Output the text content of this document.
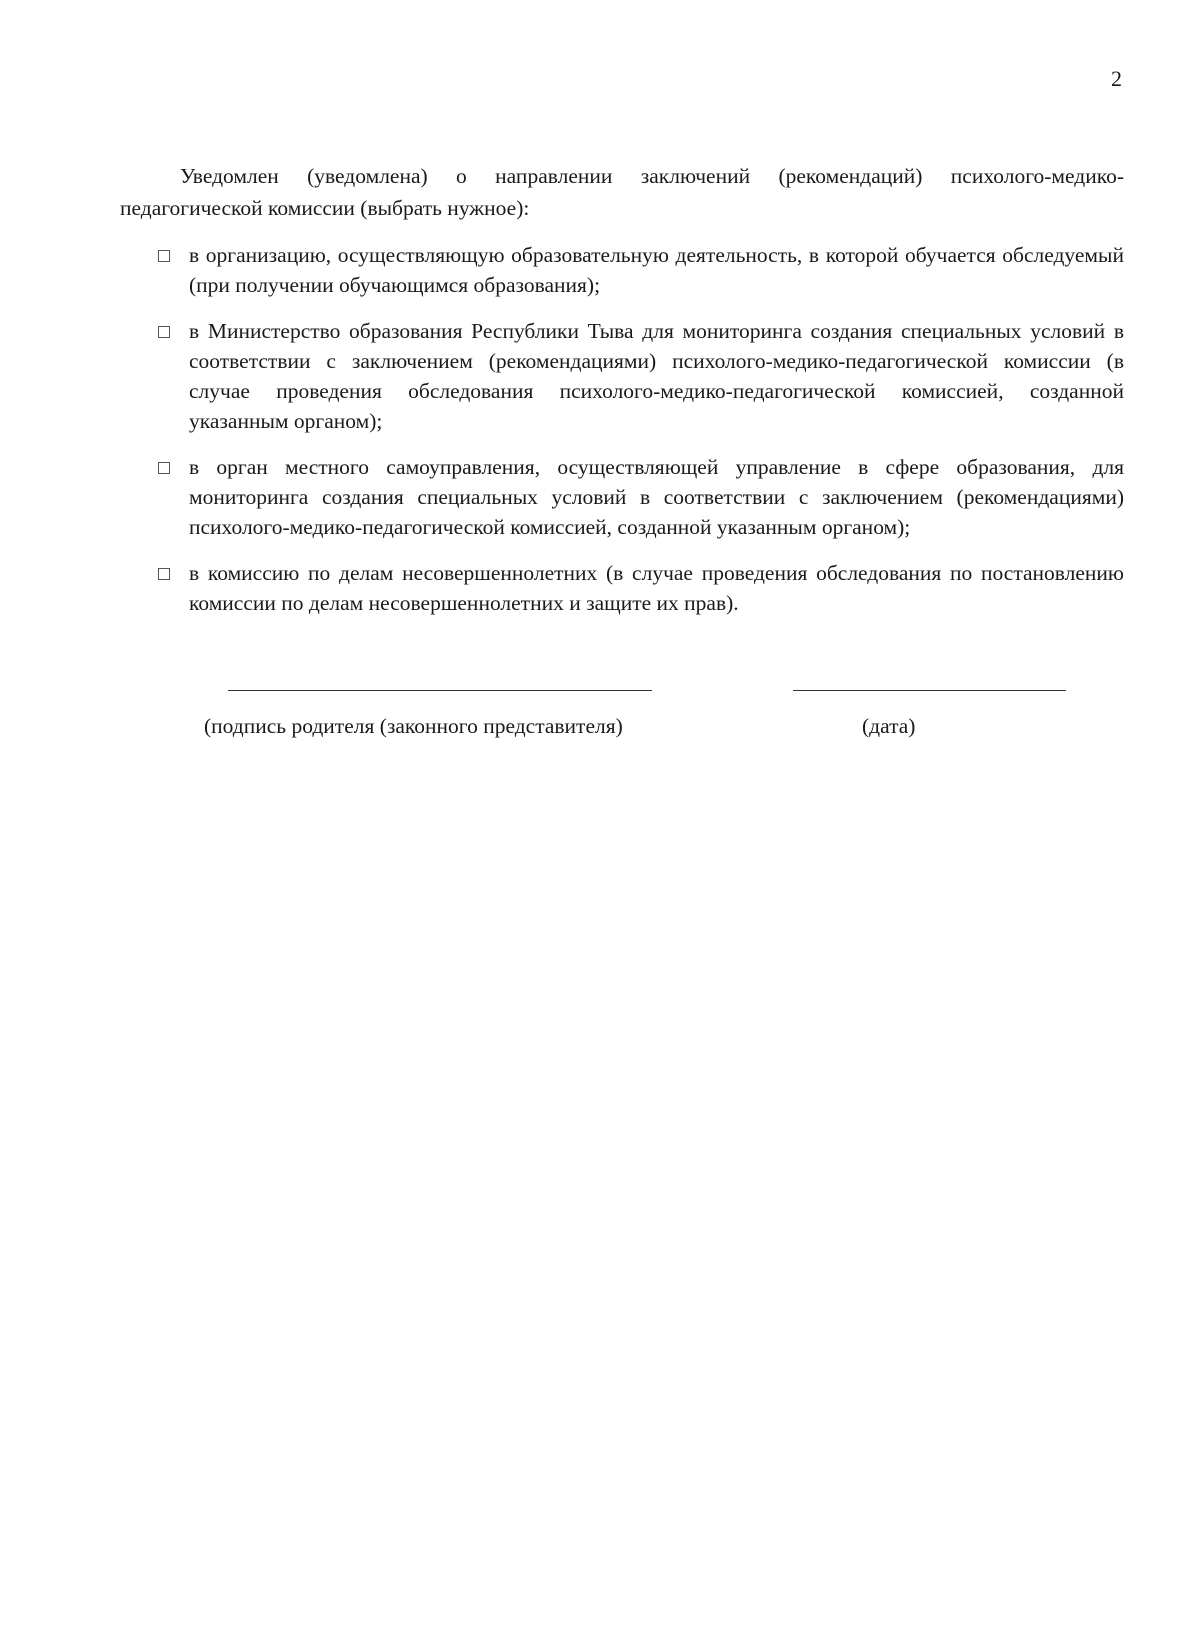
2

Уведомлен (уведомлена) о направлении заключений (рекомендаций) психолого-медико-педагогической комиссии (выбрать нужное):

в организацию, осуществляющую образовательную деятельность, в которой обучается обследуемый (при получении обучающимся образования);

в Министерство образования Республики Тыва для мониторинга создания специальных условий в соответствии с заключением (рекомендациями) психолого-медико-педагогической комиссии (в случае проведения обследования психолого-медико-педагогической комиссией, созданной указанным органом);

в орган местного самоуправления, осуществляющей управление в сфере образования, для мониторинга создания специальных условий в соответствии с заключением (рекомендациями) психолого-медико-педагогической комиссией, созданной указанным органом);

в комиссию по делам несовершеннолетних (в случае проведения обследования по постановлению комиссии по делам несовершеннолетних и защите их прав).

(подпись родителя (законного представителя)	(дата)
